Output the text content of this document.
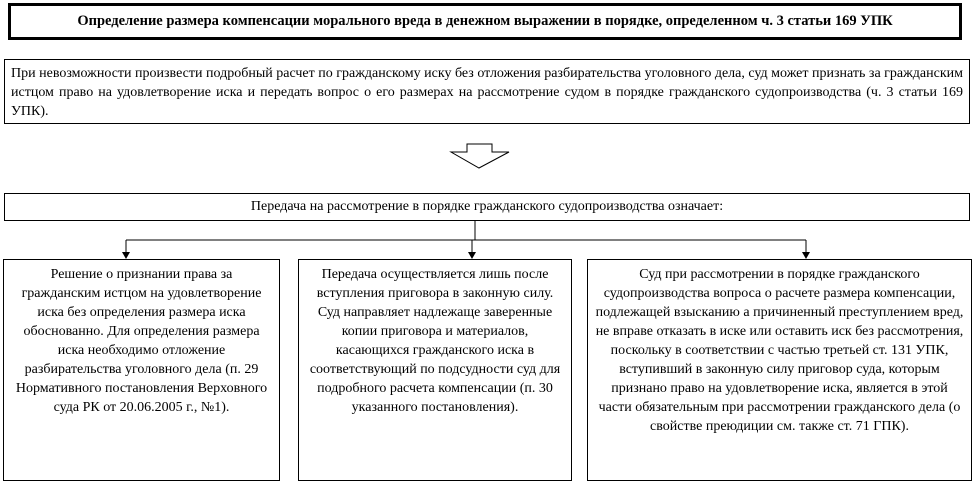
Определение размера компенсации морального вреда в денежном выражении в порядке, определенном ч. 3 статьи 169 УПК
При невозможности произвести подробный расчет по гражданскому иску без отложения разбирательства уголовного дела, суд может признать за гражданским истцом право на удовлетворение иска и передать вопрос о его размерах на рассмотрение судом в порядке гражданского судопроизводства (ч. 3 статьи 169 УПК).
Передача на рассмотрение в порядке гражданского судопроизводства означает:
Решение о признании права за гражданским истцом на удовлетворение иска без определения размера иска обоснованно. Для определения размера иска необходимо отложение разбирательства уголовного дела (п. 29 Нормативного постановления Верховного суда РК от 20.06.2005 г., №1).
Передача осуществляется лишь после вступления приговора в законную силу. Суд направляет надлежаще заверенные копии приговора и материалов, касающихся гражданского иска в соответствующий по подсудности суд для подробного расчета компенсации (п. 30 указанного постановления).
Суд при рассмотрении в порядке гражданского судопроизводства вопроса о расчете размера компенсации, подлежащей взысканию а причиненный преступлением вред, не вправе отказать в иске или оставить иск без рассмотрения, поскольку в соответствии с частью третьей ст. 131 УПК, вступивший в законную силу приговор суда, которым признано право на удовлетворение иска, является в этой части обязательным при рассмотрении гражданского дела (о свойстве преюдиции см. также ст. 71 ГПК).
